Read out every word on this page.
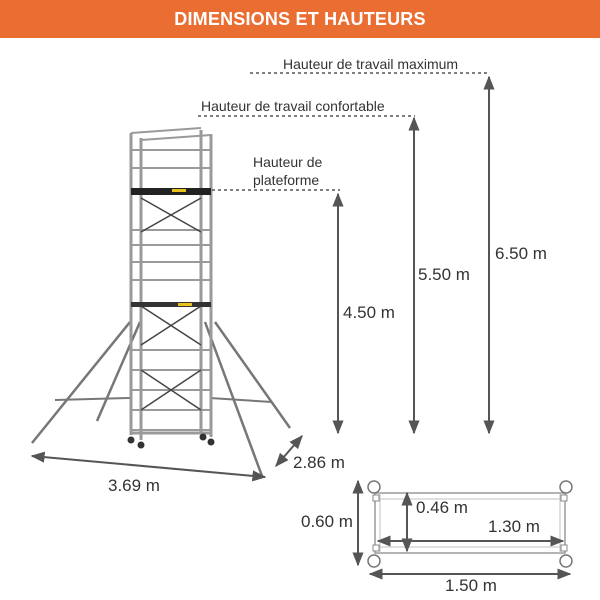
DIMENSIONS ET HAUTEURS
Hauteur de travail maximum
Hauteur de travail confortable
Hauteur de
plateforme
4.50 m
5.50 m
6.50 m
3.69 m
2.86 m
0.60 m
0.46 m
1.30 m
1.50 m
